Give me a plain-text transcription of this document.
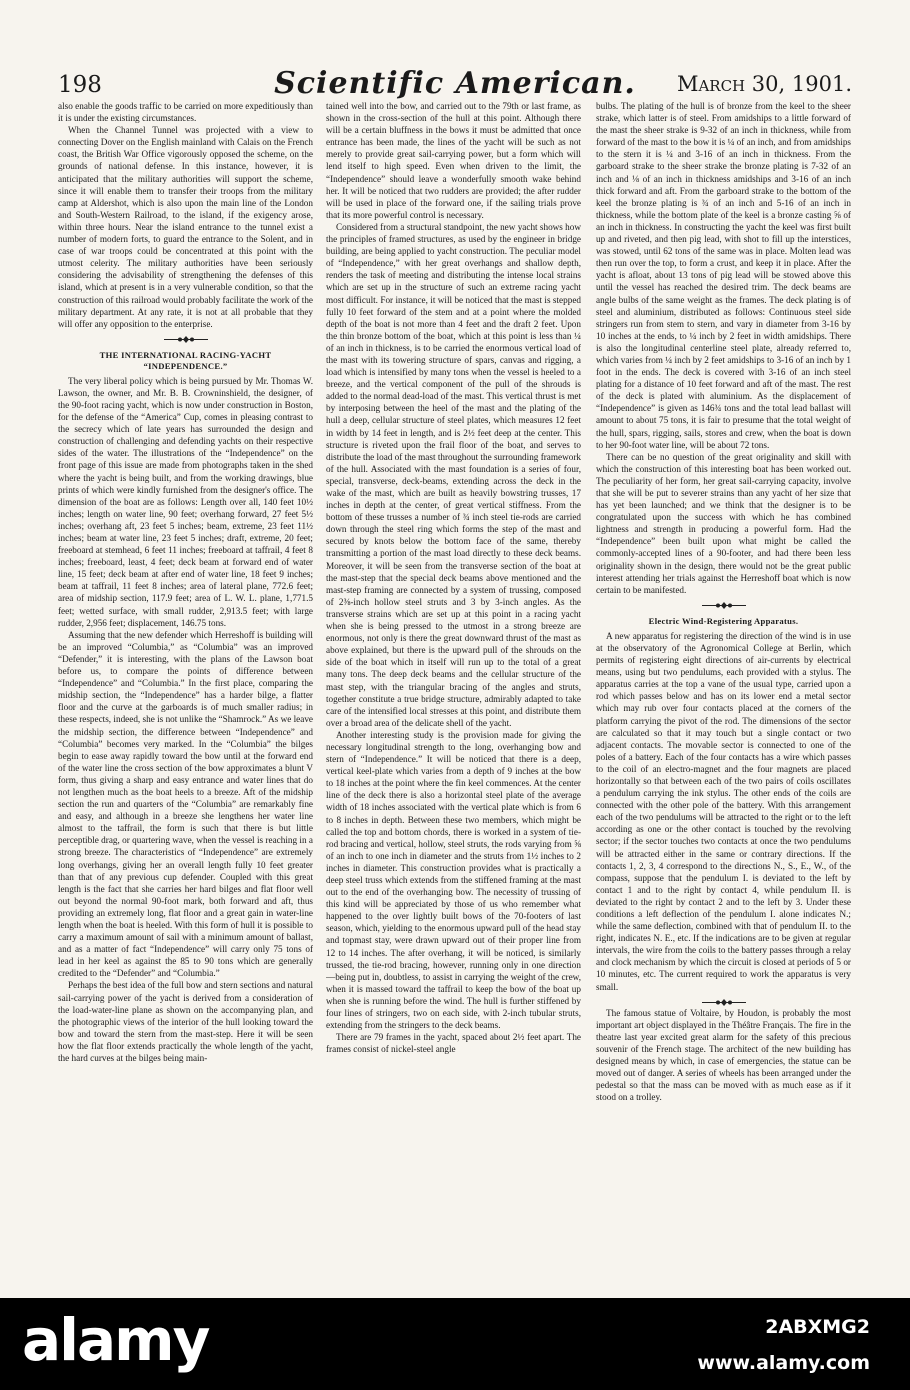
198	Scientific American.	March 30, 1901.

also enable the goods traffic to be carried on more expeditiously than it is under the existing circumstances.

When the Channel Tunnel was projected with a view to connecting Dover on the English mainland with Calais on the French coast, the British War Office vigorously opposed the scheme, on the grounds of national defense. In this instance, however, it is anticipated that the military authorities will support the scheme, since it will enable them to transfer their troops from the military camp at Aldershot, which is also upon the main line of the London and South-Western Railroad, to the island, if the exigency arose, within three hours. Near the island entrance to the tunnel exist a number of modern forts, to guard the entrance to the Solent, and in case of war troops could be concentrated at this point with the utmost celerity. The military authorities have been seriously considering the advisability of strengthening the defenses of this island, which at present is in a very vulnerable condition, so that the construction of this railroad would probably facilitate the work of the military department. At any rate, it is not at all probable that they will offer any opposition to the enterprise.

THE INTERNATIONAL RACING-YACHT “INDEPENDENCE.”

The very liberal policy which is being pursued by Mr. Thomas W. Lawson, the owner, and Mr. B. B. Crowninshield, the designer, of the 90-foot racing yacht, which is now under construction in Boston, for the defense of the “America” Cup, comes in pleasing contrast to the secrecy which of late years has surrounded the design and construction of challenging and defending yachts on their respective sides of the water. The illustrations of the “Independence” on the front page of this issue are made from photographs taken in the shed where the yacht is being built, and from the working drawings, blue prints of which were kindly furnished from the designer's office. The dimension of the boat are as follows: Length over all, 140 feet 10½ inches; length on water line, 90 feet; overhang forward, 27 feet 5½ inches; overhang aft, 23 feet 5 inches; beam, extreme, 23 feet 11½ inches; beam at water line, 23 feet 5 inches; draft, extreme, 20 feet; freeboard at stemhead, 6 feet 11 inches; freeboard at taffrail, 4 feet 8 inches; freeboard, least, 4 feet; deck beam at forward end of water line, 15 feet; deck beam at after end of water line, 18 feet 9 inches; beam at taffrail, 11 feet 8 inches; area of lateral plane, 772.6 feet; area of midship section, 117.9 feet; area of L. W. L. plane, 1,771.5 feet; wetted surface, with small rudder, 2,913.5 feet; with large rudder, 2,956 feet; displacement, 146.75 tons.

Assuming that the new defender which Herreshoff is building will be an improved “Columbia,” as “Columbia” was an improved “Defender,” it is interesting, with the plans of the Lawson boat before us, to compare the points of difference between “Independence” and “Columbia.” In the first place, comparing the midship section, the “Independence” has a harder bilge, a flatter floor and the curve at the garboards is of much smaller radius; in these respects, indeed, she is not unlike the “Shamrock.” As we leave the midship section, the difference between “Independence” and “Columbia” becomes very marked. In the “Columbia” the bilges begin to ease away rapidly toward the bow until at the forward end of the water line the cross section of the bow approximates a blunt V form, thus giving a sharp and easy entrance and water lines that do not lengthen much as the boat heels to a breeze. Aft of the midship section the run and quarters of the “Columbia” are remarkably fine and easy, and although in a breeze she lengthens her water line almost to the taffrail, the form is such that there is but little perceptible drag, or quartering wave, when the vessel is reaching in a strong breeze. The characteristics of “Independence” are extremely long overhangs, giving her an overall length fully 10 feet greater than that of any previous cup defender. Coupled with this great length is the fact that she carries her hard bilges and flat floor well out beyond the normal 90-foot mark, both forward and aft, thus providing an extremely long, flat floor and a great gain in water-line length when the boat is heeled. With this form of hull it is possible to carry a maximum amount of sail with a minimum amount of ballast, and as a matter of fact “Independence” will carry only 75 tons of lead in her keel as against the 85 to 90 tons which are generally credited to the “Defender” and “Columbia.”

Perhaps the best idea of the full bow and stern sections and natural sail-carrying power of the yacht is derived from a consideration of the load-water-line plane as shown on the accompanying plan, and the photographic views of the interior of the hull looking toward the bow and toward the stern from the mast-step. Here it will be seen how the flat floor extends practically the whole length of the yacht, the hard curves at the bilges being main-

tained well into the bow, and carried out to the 79th or last frame, as shown in the cross-section of the hull at this point. Although there will be a certain bluffness in the bows it must be admitted that once entrance has been made, the lines of the yacht will be such as not merely to provide great sail-carrying power, but a form which will lend itself to high speed. Even when driven to the limit, the “Independence” should leave a wonderfully smooth wake behind her. It will be noticed that two rudders are provided; the after rudder will be used in place of the forward one, if the sailing trials prove that its more powerful control is necessary.

Considered from a structural standpoint, the new yacht shows how the principles of framed structures, as used by the engineer in bridge building, are being applied to yacht construction. The peculiar model of “Independence,” with her great overhangs and shallow depth, renders the task of meeting and distributing the intense local strains which are set up in the structure of such an extreme racing yacht most difficult. For instance, it will be noticed that the mast is stepped fully 10 feet forward of the stem and at a point where the molded depth of the boat is not more than 4 feet and the draft 2 feet. Upon the thin bronze bottom of the boat, which at this point is less than ¼ of an inch in thickness, is to be carried the enormous vertical load of the mast with its towering structure of spars, canvas and rigging, a load which is intensified by many tons when the vessel is heeled to a breeze, and the vertical component of the pull of the shrouds is added to the normal dead-load of the mast. This vertical thrust is met by interposing between the heel of the mast and the plating of the hull a deep, cellular structure of steel plates, which measures 12 feet in width by 14 feet in length, and is 2½ feet deep at the center. This structure is riveted upon the frail floor of the boat, and serves to distribute the load of the mast throughout the surrounding framework of the hull. Associated with the mast foundation is a series of four, special, transverse, deck-beams, extending across the deck in the wake of the mast, which are built as heavily bowstring trusses, 17 inches in depth at the center, of great vertical stiffness. From the bottom of these trusses a number of ¾ inch steel tie-rods are carried down through the steel ring which forms the step of the mast and secured by knots below the bottom face of the same, thereby transmitting a portion of the mast load directly to these deck beams. Moreover, it will be seen from the transverse section of the boat at the mast-step that the special deck beams above mentioned and the mast-step framing are connected by a system of trussing, composed of 2⅜-inch hollow steel struts and 3 by 3-inch angles. As the transverse strains which are set up at this point in a racing yacht when she is being pressed to the utmost in a strong breeze are enormous, not only is there the great downward thrust of the mast as above explained, but there is the upward pull of the shrouds on the side of the boat which in itself will run up to the total of a great many tons. The deep deck beams and the cellular structure of the mast step, with the triangular bracing of the angles and struts, together constitute a true bridge structure, admirably adapted to take care of the intensified local stresses at this point, and distribute them over a broad area of the delicate shell of the yacht.

Another interesting study is the provision made for giving the necessary longitudinal strength to the long, overhanging bow and stern of “Independence.” It will be noticed that there is a deep, vertical keel-plate which varies from a depth of 9 inches at the bow to 18 inches at the point where the fin keel commences. At the center line of the deck there is also a horizontal steel plate of the average width of 18 inches associated with the vertical plate which is from 6 to 8 inches in depth. Between these two members, which might be called the top and bottom chords, there is worked in a system of tie-rod bracing and vertical, hollow, steel struts, the rods varying from ⅝ of an inch to one inch in diameter and the struts from 1½ inches to 2 inches in diameter. This construction provides what is practically a deep steel truss which extends from the stiffened framing at the mast out to the end of the overhanging bow. The necessity of trussing of this kind will be appreciated by those of us who remember what happened to the over lightly built bows of the 70-footers of last season, which, yielding to the enormous upward pull of the head stay and topmast stay, were drawn upward out of their proper line from 12 to 14 inches. The after overhang, it will be noticed, is similarly trussed, the tie-rod bracing, however, running only in one direction—being put in, doubtless, to assist in carrying the weight of the crew, when it is massed toward the taffrail to keep the bow of the boat up when she is running before the wind. The hull is further stiffened by four lines of stringers, two on each side, with 2-inch tubular struts, extending from the stringers to the deck beams.

There are 79 frames in the yacht, spaced about 2½ feet apart. The frames consist of nickel-steel angle

bulbs. The plating of the hull is of bronze from the keel to the sheer strake, which latter is of steel. From amidships to a little forward of the mast the sheer strake is 9-32 of an inch in thickness, while from forward of the mast to the bow it is ¼ of an inch, and from amidships to the stern it is ¼ and 3-16 of an inch in thickness. From the garboard strake to the sheer strake the bronze plating is 7-32 of an inch and ⅛ of an inch in thickness amidships and 3-16 of an inch thick forward and aft. From the garboard strake to the bottom of the keel the bronze plating is ¾ of an inch and 5-16 of an inch in thickness, while the bottom plate of the keel is a bronze casting ⅝ of an inch in thickness. In constructing the yacht the keel was first built up and riveted, and then pig lead, with shot to fill up the interstices, was stowed, until 62 tons of the same was in place. Molten lead was then run over the top, to form a crust, and keep it in place. After the yacht is afloat, about 13 tons of pig lead will be stowed above this until the vessel has reached the desired trim. The deck beams are angle bulbs of the same weight as the frames. The deck plating is of steel and aluminium, distributed as follows: Continuous steel side stringers run from stem to stern, and vary in diameter from 3-16 by 10 inches at the ends, to ¼ inch by 2 feet in width amidships. There is also the longitudinal centerline steel plate, already referred to, which varies from ¼ inch by 2 feet amidships to 3-16 of an inch by 1 foot in the ends. The deck is covered with 3-16 of an inch steel plating for a distance of 10 feet forward and aft of the mast. The rest of the deck is plated with aluminium. As the displacement of “Independence” is given as 146¾ tons and the total lead ballast will amount to about 75 tons, it is fair to presume that the total weight of the hull, spars, rigging, sails, stores and crew, when the boat is down to her 90-foot water line, will be about 72 tons.

There can be no question of the great originality and skill with which the construction of this interesting boat has been worked out. The peculiarity of her form, her great sail-carrying capacity, involve that she will be put to severer strains than any yacht of her size that has yet been launched; and we think that the designer is to be congratulated upon the success with which he has combined lightness and strength in producing a powerful form. Had the “Independence” been built upon what might be called the commonly-accepted lines of a 90-footer, and had there been less originality shown in the design, there would not be the great public interest attending her trials against the Herreshoff boat which is now certain to be manifested.

Electric Wind-Registering Apparatus.

A new apparatus for registering the direction of the wind is in use at the observatory of the Agronomical College at Berlin, which permits of registering eight directions of air-currents by electrical means, using but two pendulums, each provided with a stylus. The apparatus carries at the top a vane of the usual type, carried upon a rod which passes below and has on its lower end a metal sector which may rub over four contacts placed at the corners of the platform carrying the pivot of the rod. The dimensions of the sector are calculated so that it may touch but a single contact or two adjacent contacts. The movable sector is connected to one of the poles of a battery. Each of the four contacts has a wire which passes to the coil of an electro-magnet and the four magnets are placed horizontally so that between each of the two pairs of coils oscillates a pendulum carrying the ink stylus. The other ends of the coils are connected with the other pole of the battery. With this arrangement each of the two pendulums will be attracted to the right or to the left according as one or the other contact is touched by the revolving sector; if the sector touches two contacts at once the two pendulums will be attracted either in the same or contrary directions. If the contacts 1, 2, 3, 4 correspond to the directions N., S., E., W., of the compass, suppose that the pendulum I. is deviated to the left by contact 1 and to the right by contact 4, while pendulum II. is deviated to the right by contact 2 and to the left by 3. Under these conditions a left deflection of the pendulum I. alone indicates N.; while the same deflection, combined with that of pendulum II. to the right, indicates N. E., etc. If the indications are to be given at regular intervals, the wire from the coils to the battery passes through a relay and clock mechanism by which the circuit is closed at periods of 5 or 10 minutes, etc. The current required to work the apparatus is very small.

The famous statue of Voltaire, by Houdon, is probably the most important art object displayed in the Théâtre Français. The fire in the theatre last year excited great alarm for the safety of this precious souvenir of the French stage. The architect of the new building has designed means by which, in case of emergencies, the statue can be moved out of danger. A series of wheels has been arranged under the pedestal so that the mass can be moved with as much ease as if it stood on a trolley.

alamy	2ABXMG2
www.alamy.com
